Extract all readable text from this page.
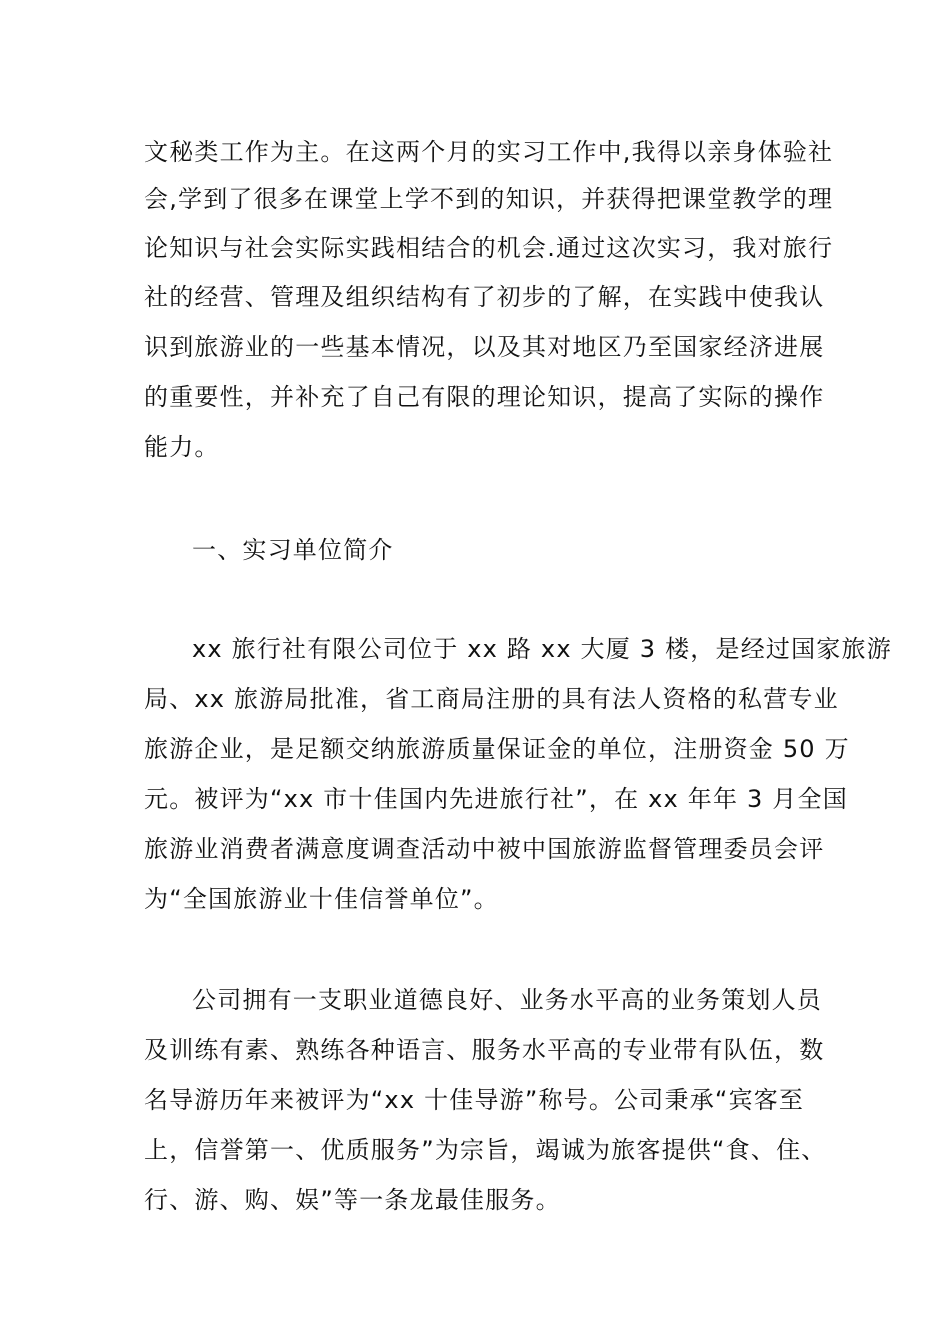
文秘类工作为主。在这两个月的实习工作中,我得以亲身体验社
会,学到了很多在课堂上学不到的知识，并获得把课堂教学的理
论知识与社会实际实践相结合的机会.通过这次实习，我对旅行
社的经营、管理及组织结构有了初步的了解，在实践中使我认
识到旅游业的一些基本情况，以及其对地区乃至国家经济进展
的重要性，并补充了自己有限的理论知识，提高了实际的操作
能力。
一、实习单位简介
xx 旅行社有限公司位于 xx 路 xx 大厦 3 楼，是经过国家旅游
局、xx 旅游局批准，省工商局注册的具有法人资格的私营专业
旅游企业，是足额交纳旅游质量保证金的单位，注册资金 50 万
元。被评为“xx 市十佳国内先进旅行社”，在 xx 年年 3 月全国
旅游业消费者满意度调查活动中被中国旅游监督管理委员会评
为“全国旅游业十佳信誉单位”。
公司拥有一支职业道德良好、业务水平高的业务策划人员
及训练有素、熟练各种语言、服务水平高的专业带有队伍，数
名导游历年来被评为“xx 十佳导游”称号。公司秉承“宾客至
上，信誉第一、优质服务”为宗旨，竭诚为旅客提供“食、住、
行、游、购、娱”等一条龙最佳服务。
